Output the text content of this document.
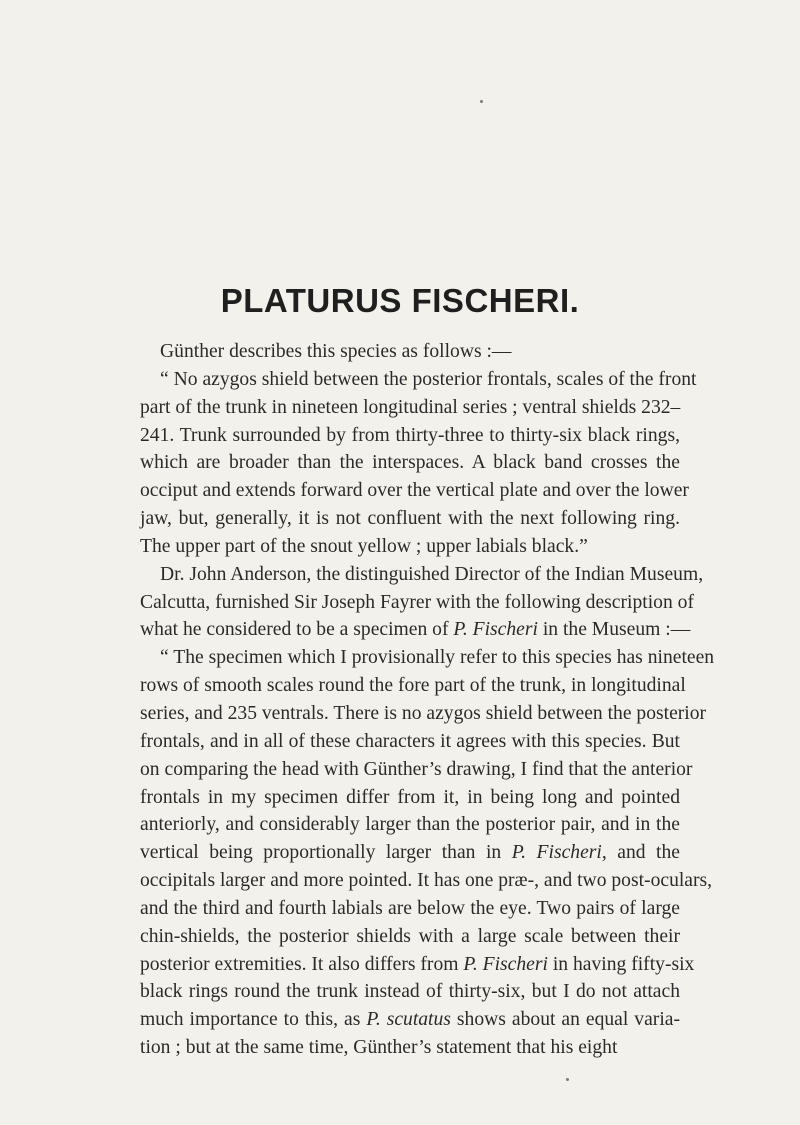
PLATURUS FISCHERI.
Günther describes this species as follows :—
“ No azygos shield between the posterior frontals, scales of the front
part of the trunk in nineteen longitudinal series ; ventral shields 232–
241. Trunk surrounded by from thirty-three to thirty-six black rings,
which are broader than the interspaces. A black band crosses the
occiput and extends forward over the vertical plate and over the lower
jaw, but, generally, it is not confluent with the next following ring.
The upper part of the snout yellow ; upper labials black.”
Dr. John Anderson, the distinguished Director of the Indian Museum,
Calcutta, furnished Sir Joseph Fayrer with the following description of
what he considered to be a specimen of P. Fischeri in the Museum :—
“ The specimen which I provisionally refer to this species has nineteen
rows of smooth scales round the fore part of the trunk, in longitudinal
series, and 235 ventrals. There is no azygos shield between the posterior
frontals, and in all of these characters it agrees with this species. But
on comparing the head with Günther’s drawing, I find that the anterior
frontals in my specimen differ from it, in being long and pointed
anteriorly, and considerably larger than the posterior pair, and in the
vertical being proportionally larger than in P. Fischeri, and the
occipitals larger and more pointed. It has one præ-, and two post-oculars,
and the third and fourth labials are below the eye. Two pairs of large
chin-shields, the posterior shields with a large scale between their
posterior extremities. It also differs from P. Fischeri in having fifty-six
black rings round the trunk instead of thirty-six, but I do not attach
much importance to this, as P. scutatus shows about an equal varia-
tion ; but at the same time, Günther’s statement that his eight
